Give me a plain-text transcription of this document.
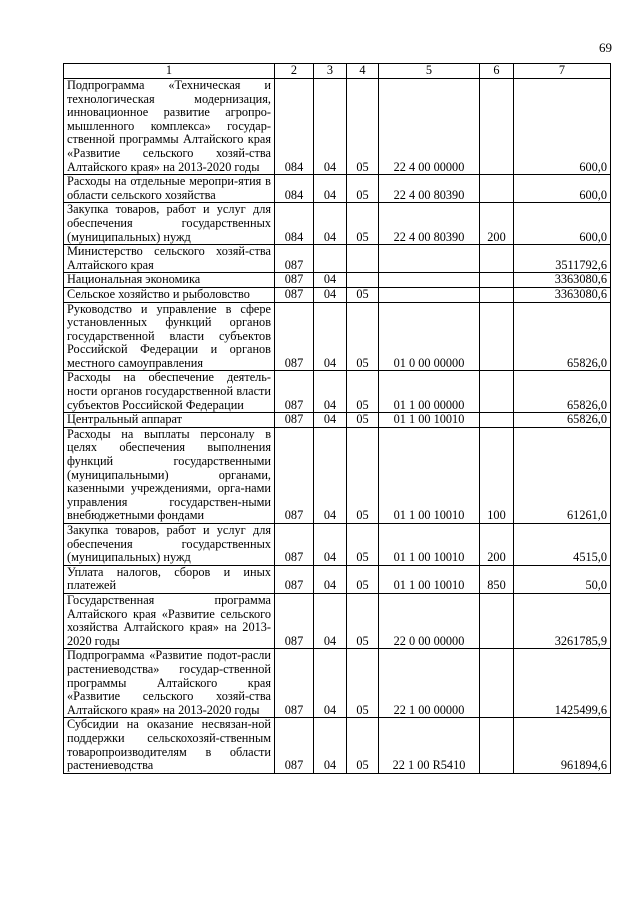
69
1	2	3	4	5	6	7
Подпрограмма «Техническая и технологическая модернизация, инновационное развитие агропро-мышленного комплекса» государ-ственной программы Алтайского края «Развитие сельского хозяй-ства Алтайского края» на 2013-2020 годы	084	04	05	22 4 00 00000		600,0
Расходы на отдельные меропри-ятия в области сельского хозяйства	084	04	05	22 4 00 80390		600,0
Закупка товаров, работ и услуг для обеспечения государственных (муниципальных) нужд	084	04	05	22 4 00 80390	200	600,0
Министерство сельского хозяй-ства Алтайского края	087					3511792,6
Национальная экономика	087	04				3363080,6
Сельское хозяйство и рыболовство	087	04	05			3363080,6
Руководство и управление в сфере установленных функций органов государственной власти субъектов Российской Федерации и органов местного самоуправления	087	04	05	01 0 00 00000		65826,0
Расходы на обеспечение деятель-ности органов государственной власти субъектов Российской Федерации	087	04	05	01 1 00 00000		65826,0
Центральный аппарат	087	04	05	01 1 00 10010		65826,0
Расходы на выплаты персоналу в целях обеспечения выполнения функций государственными (муниципальными) органами, казенными учреждениями, орга-нами управления государствен-ными внебюджетными фондами	087	04	05	01 1 00 10010	100	61261,0
Закупка товаров, работ и услуг для обеспечения государственных (муниципальных) нужд	087	04	05	01 1 00 10010	200	4515,0
Уплата налогов, сборов и иных платежей	087	04	05	01 1 00 10010	850	50,0
Государственная программа Алтайского края «Развитие сельского хозяйства Алтайского края» на 2013-2020 годы	087	04	05	22 0 00 00000		3261785,9
Подпрограмма «Развитие подот-расли растениеводства» государ-ственной программы Алтайского края «Развитие сельского хозяй-ства Алтайского края» на 2013-2020 годы	087	04	05	22 1 00 00000		1425499,6
Субсидии на оказание несвязан-ной поддержки сельскохозяй-ственным товаропроизводителям в области растениеводства	087	04	05	22 1 00 R5410		961894,6
